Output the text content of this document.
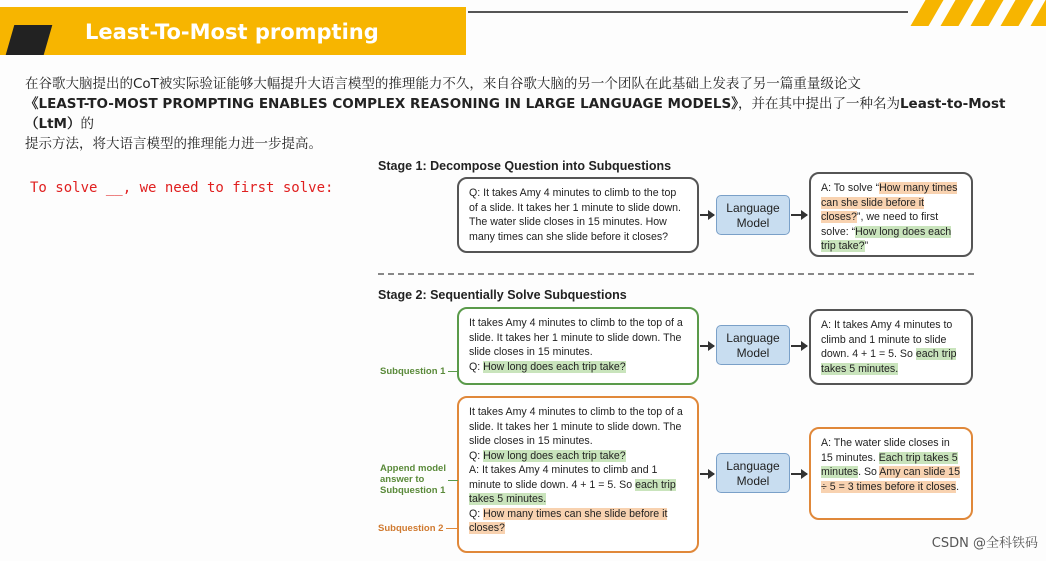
Least-To-Most prompting
在谷歌大脑提出的CoT被实际验证能够大幅提升大语言模型的推理能力不久，来自谷歌大脑的另一个团队在此基础上发表了另一篇重量级论文
《LEAST-TO-MOST PROMPTING ENABLES COMPLEX REASONING IN LARGE LANGUAGE MODELS》，并在其中提出了一种名为Least-to-Most（LtM）的
提示方法，将大语言模型的推理能力进一步提高。
To solve __, we need to first solve:
Stage 1: Decompose Question into Subquestions
Q: It takes Amy 4 minutes to climb to the top of a slide. It takes her 1 minute to slide down. The water slide closes in 15 minutes. How many times can she slide before it closes?
Language Model
A: To solve “How many times can she slide before it closes?”, we need to first solve: “How long does each trip take?”
Stage 2: Sequentially Solve Subquestions
It takes Amy 4 minutes to climb to the top of a slide. It takes her 1 minute to slide down. The slide closes in 15 minutes.
Q: How long does each trip take?
Subquestion 1
Language Model
A: It takes Amy 4 minutes to climb and 1 minute to slide down. 4 + 1 = 5. So each trip takes 5 minutes.
It takes Amy 4 minutes to climb to the top of a slide. It takes her 1 minute to slide down. The slide closes in 15 minutes.
Q: How long does each trip take?
A: It takes Amy 4 minutes to climb and 1 minute to slide down. 4 + 1 = 5. So each trip takes 5 minutes.
Q: How many times can she slide before it closes?
Append model answer to Subquestion 1
Subquestion 2
Language Model
A: The water slide closes in 15 minutes. Each trip takes 5 minutes. So Amy can slide 15 ÷ 5 = 3 times before it closes.
CSDN @全科铁码
